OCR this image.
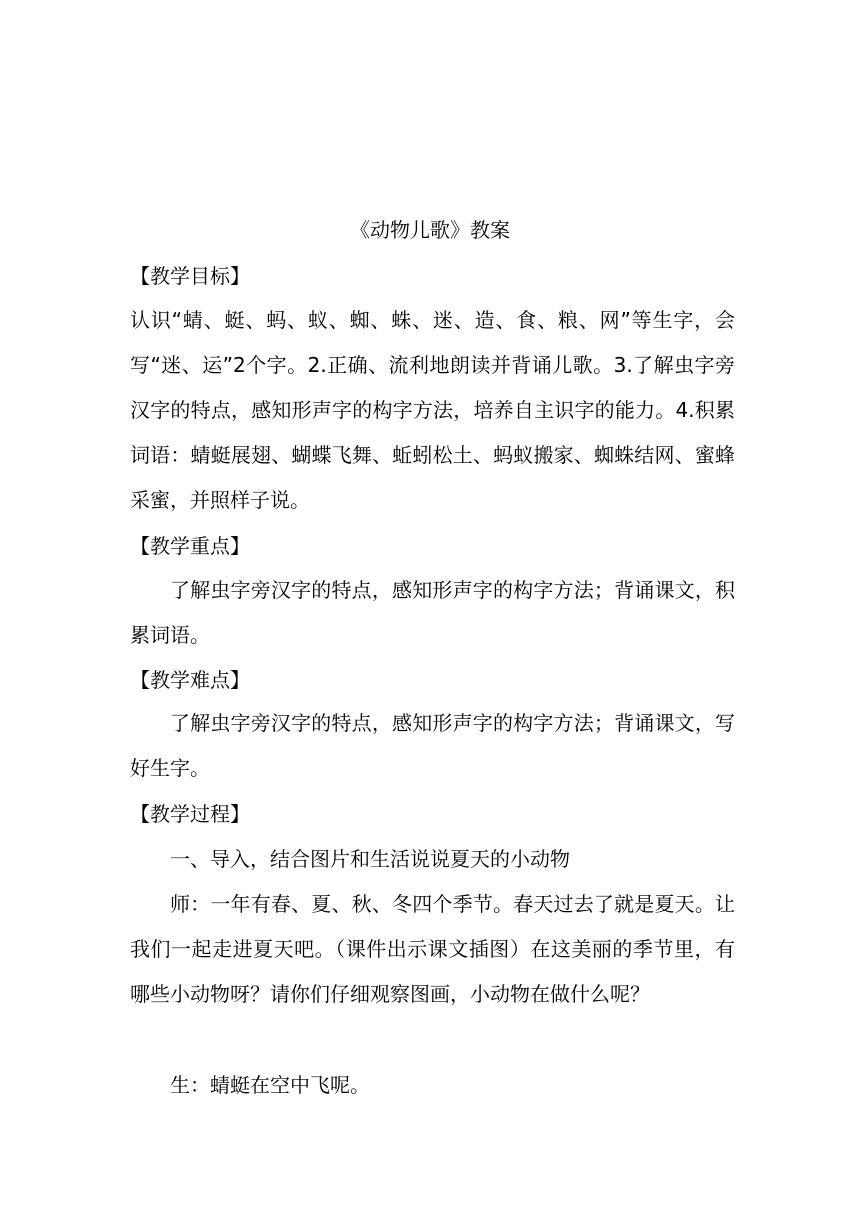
《动物儿歌》教案
【教学目标】
认识“蜻、蜓、蚂、蚁、蜘、蛛、迷、造、食、粮、网”等生字，会写“迷、运”2个字。2.正确、流利地朗读并背诵儿歌。3.了解虫字旁汉字的特点，感知形声字的构字方法，培养自主识字的能力。4.积累词语：蜻蜓展翅、蝴蝶飞舞、蚯蚓松土、蚂蚁搬家、蜘蛛结网、蜜蜂采蜜，并照样子说。
【教学重点】
了解虫字旁汉字的特点，感知形声字的构字方法；背诵课文，积累词语。
【教学难点】
了解虫字旁汉字的特点，感知形声字的构字方法；背诵课文，写好生字。
【教学过程】
一、导入，结合图片和生活说说夏天的小动物
师：一年有春、夏、秋、冬四个季节。春天过去了就是夏天。让我们一起走进夏天吧。（课件出示课文插图）在这美丽的季节里，有哪些小动物呀？请你们仔细观察图画，小动物在做什么呢？
生：蜻蜓在空中飞呢。
